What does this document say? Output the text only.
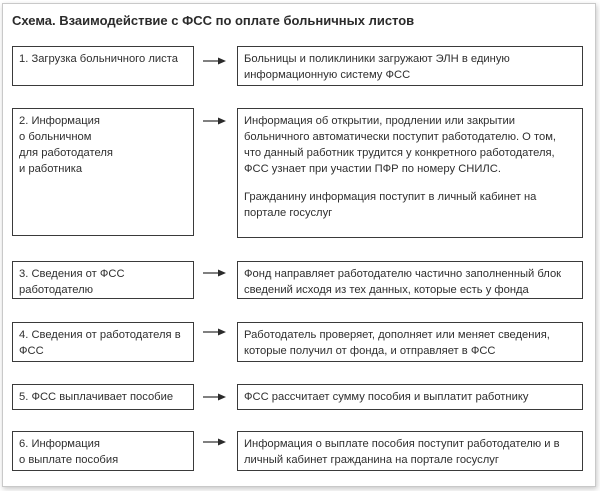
Схема. Взаимодействие с ФСС по оплате больничных листов

1. Загрузка больничного листа	Больницы и поликлиники загружают ЭЛН в единую

информационную систему ФСС

2. Информация

о больничном

для работодателя

и работника

Информация об открытии, продлении или закрытии

больничного автоматически поступит работодателю. О том,

что данный работник трудится у конкретного работодателя,

ФСС узнает при участии ПФР по номеру СНИЛС.

Гражданину информация поступит в личный кабинет на

портале госуслуг

3. Сведения от ФСС

работодателю

Фонд направляет работодателю частично заполненный блок

сведений исходя из тех данных, которые есть у фонда

4. Сведения от работодателя в

ФСС

Работодатель проверяет, дополняет или меняет сведения,

которые получил от фонда, и отправляет в ФСС

5. ФСС выплачивает пособие	ФСС рассчитает сумму пособия и выплатит работнику

6. Информация

о выплате пособия

Информация о выплате пособия поступит работодателю и в

личный кабинет гражданина на портале госуслуг
